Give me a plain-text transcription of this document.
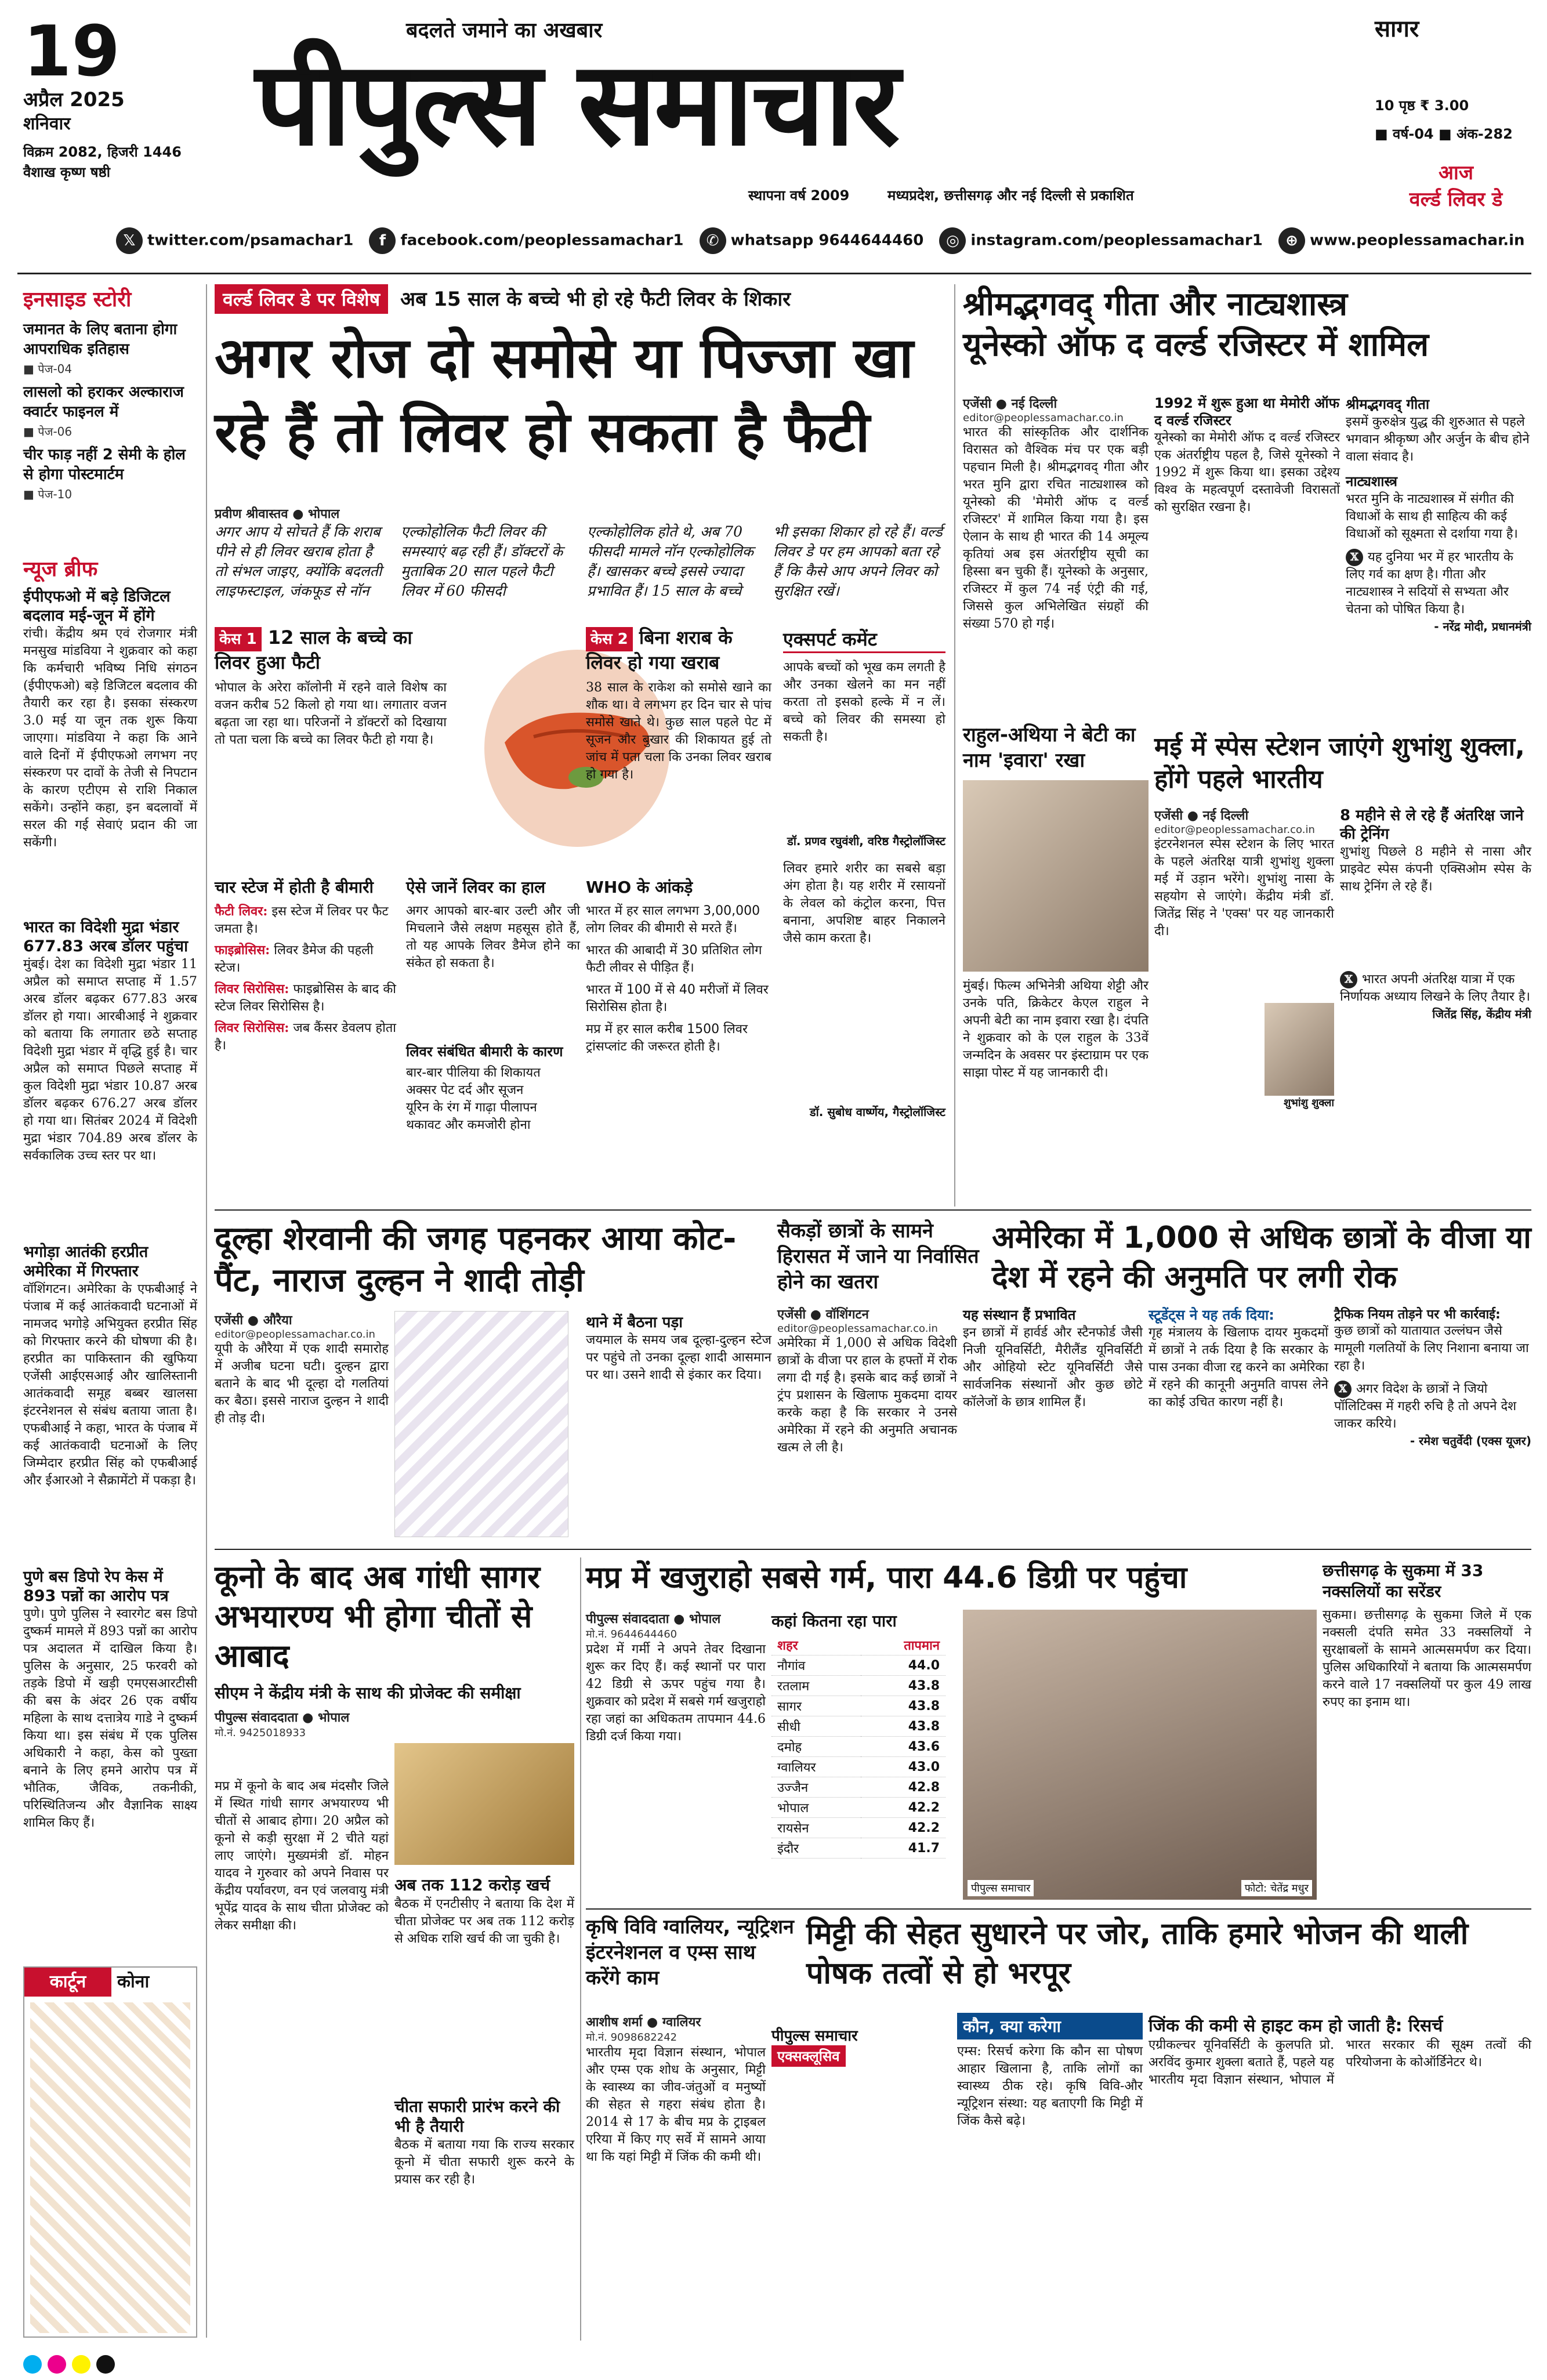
19
अप्रैल 2025
शनिवार
विक्रम 2082, हिजरी 1446
वैशाख कृष्ण षष्ठी
बदलते जमाने का अखबार
पीपुल्स समाचार
स्थापना वर्ष 2009	मध्यप्रदेश, छत्तीसगढ़ और नई दिल्ली से प्रकाशित
सागर
10 पृष्ठ ₹ 3.00
■ वर्ष-04 ■ अंक-282
आज
वर्ल्ड लिवर डे
𝕏 twitter.com/psamachar1 f facebook.com/peoplessamachar1 ✆ whatsapp 9644644460 ◎ instagram.com/peoplessamachar1 ⊕ www.peoplessamachar.in
इनसाइड स्टोरी
जमानत के लिए बताना होगा आपराधिक इतिहास
■ पेज-04
लासलो को हराकर अल्काराज क्वार्टर फाइनल में
■ पेज-06
चीर फाड़ नहीं 2 सेमी के होल से होगा पोस्टमार्टम
■ पेज-10
न्यूज ब्रीफ
ईपीएफओ में बड़े डिजिटल बदलाव मई-जून में होंगे
रांची। केंद्रीय श्रम एवं रोजगार मंत्री मनसुख मांडविया ने शुक्रवार को कहा कि कर्मचारी भविष्य निधि संगठन (ईपीएफओ) बड़े डिजिटल बदलाव की तैयारी कर रहा है। इसका संस्करण 3.0 मई या जून तक शुरू किया जाएगा। मांडविया ने कहा कि आने वाले दिनों में ईपीएफओ लगभग नए संस्करण पर दावों के तेजी से निपटान के कारण एटीएम से राशि निकाल सकेंगे। उन्होंने कहा, इन बदलावों में सरल की गई सेवाएं प्रदान की जा सकेंगी।
भारत का विदेशी मुद्रा भंडार 677.83 अरब डॉलर पहुंचा
मुंबई। देश का विदेशी मुद्रा भंडार 11 अप्रैल को समाप्त सप्ताह में 1.57 अरब डॉलर बढ़कर 677.83 अरब डॉलर हो गया। आरबीआई ने शुक्रवार को बताया कि लगातार छठे सप्ताह विदेशी मुद्रा भंडार में वृद्धि हुई है। चार अप्रैल को समाप्त पिछले सप्ताह में कुल विदेशी मुद्रा भंडार 10.87 अरब डॉलर बढ़कर 676.27 अरब डॉलर हो गया था। सितंबर 2024 में विदेशी मुद्रा भंडार 704.89 अरब डॉलर के सर्वकालिक उच्च स्तर पर था।
भगोड़ा आतंकी हरप्रीत अमेरिका में गिरफ्तार
वॉशिंगटन। अमेरिका के एफबीआई ने पंजाब में कई आतंकवादी घटनाओं में नामजद भगोड़े अभियुक्त हरप्रीत सिंह को गिरफ्तार करने की घोषणा की है। हरप्रीत का पाकिस्तान की खुफिया एजेंसी आईएसआई और खालिस्तानी आतंकवादी समूह बब्बर खालसा इंटरनेशनल से संबंध बताया जाता है। एफबीआई ने कहा, भारत के पंजाब में कई आतंकवादी घटनाओं के लिए जिम्मेदार हरप्रीत सिंह को एफबीआई और ईआरओ ने सैक्रामेंटो में पकड़ा है।
पुणे बस डिपो रेप केस में 893 पन्नों का आरोप पत्र
पुणे। पुणे पुलिस ने स्वारगेट बस डिपो दुष्कर्म मामले में 893 पन्नों का आरोप पत्र अदालत में दाखिल किया है। पुलिस के अनुसार, 25 फरवरी को तड़के डिपो में खड़ी एमएसआरटीसी की बस के अंदर 26 एक वर्षीय महिला के साथ दत्तात्रेय गाडे ने दुष्कर्म किया था। इस संबंध में एक पुलिस अधिकारी ने कहा, केस को पुख्ता बनाने के लिए हमने आरोप पत्र में भौतिक, जैविक, तकनीकी, परिस्थितिजन्य और वैज्ञानिक साक्ष्य शामिल किए हैं।
कार्टून	कोना
वर्ल्ड लिवर डे पर विशेष अब 15 साल के बच्चे भी हो रहे फैटी लिवर के शिकार
अगर रोज दो समोसे या पिज्जा खा रहे हैं तो लिवर हो सकता है फैटी
प्रवीण श्रीवास्तव ● भोपाल
अगर आप ये सोचते हैं कि शराब पीने से ही लिवर खराब होता है तो संभल जाइए, क्योंकि बदलती लाइफस्टाइल, जंकफूड से नॉन एल्कोहोलिक फैटी लिवर की समस्याएं बढ़ रही हैं। डॉक्टरों के मुताबिक 20 साल पहले फैटी लिवर में 60 फीसदी एल्कोहोलिक होते थे, अब 70 फीसदी मामले नॉन एल्कोहोलिक हैं। खासकर बच्चे इससे ज्यादा प्रभावित हैं। 15 साल के बच्चे भी इसका शिकार हो रहे हैं। वर्ल्ड लिवर डे पर हम आपको बता रहे हैं कि कैसे आप अपने लिवर को सुरक्षित रखें।
केस 1 12 साल के बच्चे का लिवर हुआ फैटी
भोपाल के अरेरा कॉलोनी में रहने वाले विशेष का वजन करीब 52 किलो हो गया था। लगातार वजन बढ़ता जा रहा था। परिजनों ने डॉक्टरों को दिखाया तो पता चला कि बच्चे का लिवर फैटी हो गया है।
केस 2 बिना शराब के लिवर हो गया खराब
38 साल के राकेश को समोसे खाने का शौक था। वे लगभग हर दिन चार से पांच समोसे खाते थे। कुछ साल पहले पेट में सूजन और बुखार की शिकायत हुई तो जांच में पता चला कि उनका लिवर खराब हो गया है।
एक्सपर्ट कमेंट
आपके बच्चों को भूख कम लगती है और उनका खेलने का मन नहीं करता तो इसको हल्के में न लें। बच्चे को लिवर की समस्या हो सकती है।
डॉ. प्रणव रघुवंशी, वरिष्ठ गैस्ट्रोलॉजिस्ट
लिवर हमारे शरीर का सबसे बड़ा अंग होता है। यह शरीर में रसायनों के लेवल को कंट्रोल करना, पित्त बनाना, अपशिष्ट बाहर निकालने जैसे काम करता है।
डॉ. सुबोध वार्ष्णेय, गैस्ट्रोलॉजिस्ट
चार स्टेज में होती है बीमारी
फैटी लिवर: इस स्टेज में लिवर पर फैट जमता है।
फाइब्रोसिस: लिवर डैमेज की पहली स्टेज।
लिवर सिरोसिस: फाइब्रोसिस के बाद की स्टेज लिवर सिरोसिस है।
लिवर सिरोसिस: जब कैंसर डेवलप होता है।
ऐसे जानें लिवर का हाल
अगर आपको बार-बार उल्टी और जी मिचलाने जैसे लक्षण महसूस होते हैं, तो यह आपके लिवर डैमेज होने का संकेत हो सकता है।
लिवर संबंधित बीमारी के कारण
बार-बार पीलिया की शिकायत
अक्सर पेट दर्द और सूजन
यूरिन के रंग में गाढ़ा पीलापन
थकावट और कमजोरी होना
WHO के आंकड़े
भारत में हर साल लगभग 3,00,000 लोग लिवर की बीमारी से मरते हैं।
भारत की आबादी में 30 प्रतिशित लोग फैटी लीवर से पीड़ित हैं।
भारत में 100 में से 40 मरीजों में लिवर सिरोसिस होता है।
मप्र में हर साल करीब 1500 लिवर ट्रांसप्लांट की जरूरत होती है।
श्रीमद्भगवद् गीता और नाट्यशास्त्र
यूनेस्को ऑफ द वर्ल्ड रजिस्टर में शामिल
एजेंसी ● नई दिल्ली
editor@peoplessamachar.co.in
भारत की सांस्कृतिक और दार्शनिक विरासत को वैश्विक मंच पर एक बड़ी पहचान मिली है। श्रीमद्भगवद् गीता और भरत मुनि द्वारा रचित नाट्यशास्त्र को यूनेस्को की 'मेमोरी ऑफ द वर्ल्ड रजिस्टर' में शामिल किया गया है। इस ऐलान के साथ ही भारत की 14 अमूल्य कृतियां अब इस अंतर्राष्ट्रीय सूची का हिस्सा बन चुकी हैं। यूनेस्को के अनुसार, रजिस्टर में कुल 74 नई एंट्री की गई, जिससे कुल अभिलेखित संग्रहों की संख्या 570 हो गई।
1992 में शुरू हुआ था मेमोरी ऑफ द वर्ल्ड रजिस्टर
यूनेस्को का मेमोरी ऑफ द वर्ल्ड रजिस्टर एक अंतर्राष्ट्रीय पहल है, जिसे यूनेस्को ने 1992 में शुरू किया था। इसका उद्देश्य विश्व के महत्वपूर्ण दस्तावेजी विरासतों को सुरक्षित रखना है।
श्रीमद्भगवद् गीता
इसमें कुरुक्षेत्र युद्ध की शुरुआत से पहले भगवान श्रीकृष्ण और अर्जुन के बीच होने वाला संवाद है।
नाट्यशास्त्र
भरत मुनि के नाट्यशास्त्र में संगीत की विधाओं के साथ ही साहित्य की कई विधाओं को सूक्ष्मता से दर्शाया गया है।
𝕏 यह दुनिया भर में हर भारतीय के लिए गर्व का क्षण है। गीता और नाट्यशास्त्र ने सदियों से सभ्यता और चेतना को पोषित किया है।
- नरेंद्र मोदी, प्रधानमंत्री
राहुल-अथिया ने बेटी का नाम 'इवारा' रखा
मुंबई। फिल्म अभिनेत्री अथिया शेट्टी और उनके पति, क्रिकेटर केएल राहुल ने अपनी बेटी का नाम इवारा रखा है। दंपति ने शुक्रवार को के एल राहुल के 33वें जन्मदिन के अवसर पर इंस्टाग्राम पर एक साझा पोस्ट में यह जानकारी दी।
मई में स्पेस स्टेशन जाएंगे शुभांशु शुक्ला, होंगे पहले भारतीय
एजेंसी ● नई दिल्ली
editor@peoplessamachar.co.in
इंटरनेशनल स्पेस स्टेशन के लिए भारत के पहले अंतरिक्ष यात्री शुभांशु शुक्ला मई में उड़ान भरेंगे। शुभांशु नासा के सहयोग से जाएंगे। केंद्रीय मंत्री डॉ. जितेंद्र सिंह ने 'एक्स' पर यह जानकारी दी।
शुभांशु शुक्ला
8 महीने से ले रहे हैं अंतरिक्ष जाने की ट्रेनिंग
शुभांशु पिछले 8 महीने से नासा और प्राइवेट स्पेस कंपनी एक्सिओम स्पेस के साथ ट्रेनिंग ले रहे हैं।
𝕏 भारत अपनी अंतरिक्ष यात्रा में एक निर्णायक अध्याय लिखने के लिए तैयार है।
जितेंद्र सिंह, केंद्रीय मंत्री
दूल्हा शेरवानी की जगह पहनकर आया कोट-पैंट, नाराज दुल्हन ने शादी तोड़ी
एजेंसी ● औरैया
editor@peoplessamachar.co.in
यूपी के औरैया में एक शादी समारोह में अजीब घटना घटी। दुल्हन द्वारा बताने के बाद भी दूल्हा दो गलतियां कर बैठा। इससे नाराज दुल्हन ने शादी ही तोड़ दी।
थाने में बैठना पड़ा
जयमाल के समय जब दूल्हा-दुल्हन स्टेज पर पहुंचे तो उनका दूल्हा शादी आसमान पर था। उसने शादी से इंकार कर दिया।
सैकड़ों छात्रों के सामने हिरासत में जाने या निर्वासित होने का खतरा
अमेरिका में 1,000 से अधिक छात्रों के वीजा या देश में रहने की अनुमति पर लगी रोक
एजेंसी ● वॉशिंगटन
editor@peoplessamachar.co.in
अमेरिका में 1,000 से अधिक विदेशी छात्रों के वीजा पर हाल के हफ्तों में रोक लगा दी गई है। इसके बाद कई छात्रों ने ट्रंप प्रशासन के खिलाफ मुकदमा दायर करके कहा है कि सरकार ने उनसे अमेरिका में रहने की अनुमति अचानक खत्म ले ली है।
यह संस्थान हैं प्रभावित
इन छात्रों में हार्वर्ड और स्टैनफोर्ड जैसी निजी यूनिवर्सिटी, मैरीलैंड यूनिवर्सिटी और ओहियो स्टेट यूनिवर्सिटी जैसे सार्वजनिक संस्थानों और कुछ छोटे कॉलेजों के छात्र शामिल हैं।
स्टूडेंट्स ने यह तर्क दिया:
गृह मंत्रालय के खिलाफ दायर मुकदमों में छात्रों ने तर्क दिया है कि सरकार के पास उनका वीजा रद्द करने का अमेरिका में रहने की कानूनी अनुमति वापस लेने का कोई उचित कारण नहीं है।
ट्रैफिक नियम तोड़ने पर भी कार्रवाई:
कुछ छात्रों को यातायात उल्लंघन जैसे मामूली गलतियों के लिए निशाना बनाया जा रहा है।
𝕏 अगर विदेश के छात्रों ने जियो पॉलिटिक्स में गहरी रुचि है तो अपने देश जाकर करिये।
- रमेश चतुर्वेदी (एक्स यूजर)
कूनो के बाद अब गांधी सागर अभयारण्य भी होगा चीतों से आबाद
सीएम ने केंद्रीय मंत्री के साथ की प्रोजेक्ट की समीक्षा
पीपुल्स संवाददाता ● भोपाल
मो.नं. 9425018933
मप्र में कूनो के बाद अब मंदसौर जिले में स्थित गांधी सागर अभयारण्य भी चीतों से आबाद होगा। 20 अप्रैल को कूनो से कड़ी सुरक्षा में 2 चीते यहां लाए जाएंगे। मुख्यमंत्री डॉ. मोहन यादव ने गुरुवार को अपने निवास पर केंद्रीय पर्यावरण, वन एवं जलवायु मंत्री भूपेंद्र यादव के साथ चीता प्रोजेक्ट को लेकर समीक्षा की।
अब तक 112 करोड़ खर्च
बैठक में एनटीसीए ने बताया कि देश में चीता प्रोजेक्ट पर अब तक 112 करोड़ से अधिक राशि खर्च की जा चुकी है।
चीता सफारी प्रारंभ करने की भी है तैयारी
बैठक में बताया गया कि राज्य सरकार कूनो में चीता सफारी शुरू करने के प्रयास कर रही है।
मप्र में खजुराहो सबसे गर्म, पारा 44.6 डिग्री पर पहुंचा
पीपुल्स संवाददाता ● भोपाल
मो.नं. 9644644460
प्रदेश में गर्मी ने अपने तेवर दिखाना शुरू कर दिए हैं। कई स्थानों पर पारा 42 डिग्री से ऊपर पहुंच गया है। शुक्रवार को प्रदेश में सबसे गर्म खजुराहो रहा जहां का अधिकतम तापमान 44.6 डिग्री दर्ज किया गया।
कहां कितना रहा पारा
शहर	तापमान
नौगांव	44.0
रतलाम	43.8
सागर	43.8
सीधी	43.8
दमोह	43.6
ग्वालियर	43.0
उज्जैन	42.8
भोपाल	42.2
रायसेन	42.2
इंदौर	41.7
पीपुल्स समाचार	फोटो: चेतेंद्र मधुर
छत्तीसगढ़ के सुकमा में 33 नक्सलियों का सरेंडर
सुकमा। छत्तीसगढ़ के सुकमा जिले में एक नक्सली दंपति समेत 33 नक्सलियों ने सुरक्षाबलों के सामने आत्मसमर्पण कर दिया। पुलिस अधिकारियों ने बताया कि आत्मसमर्पण करने वाले 17 नक्सलियों पर कुल 49 लाख रुपए का इनाम था।
कृषि विवि ग्वालियर, न्यूट्रिशन इंटरनेशनल व एम्स साथ करेंगे काम
मिट्टी की सेहत सुधारने पर जोर, ताकि हमारे भोजन की थाली पोषक तत्वों से हो भरपूर
आशीष शर्मा ● ग्वालियर
मो.नं. 9098682242
भारतीय मृदा विज्ञान संस्थान, भोपाल और एम्स एक शोध के अनुसार, मिट्टी के स्वास्थ्य का जीव-जंतुओं व मनुष्यों की सेहत से गहरा संबंध होता है। 2014 से 17 के बीच मप्र के ट्राइबल एरिया में किए गए सर्वे में सामने आया था कि यहां मिट्टी में जिंक की कमी थी।
पीपुल्स समाचार
एक्सक्लूसिव
कौन, क्या करेगा
एम्स: रिसर्च करेगा कि कौन सा पोषण आहार खिलाना है, ताकि लोगों का स्वास्थ्य ठीक रहे। कृषि विवि-और न्यूट्रिशन संस्था: यह बताएगी कि मिट्टी में जिंक कैसे बढ़े।
जिंक की कमी से हाइट कम हो जाती है: रिसर्च
एग्रीकल्चर यूनिवर्सिटी के कुलपति प्रो. अरविंद कुमार शुक्ला बताते हैं, पहले यह भारतीय मृदा विज्ञान संस्थान, भोपाल में भारत सरकार की सूक्ष्म तत्वों की परियोजना के कोऑर्डिनेटर थे।
